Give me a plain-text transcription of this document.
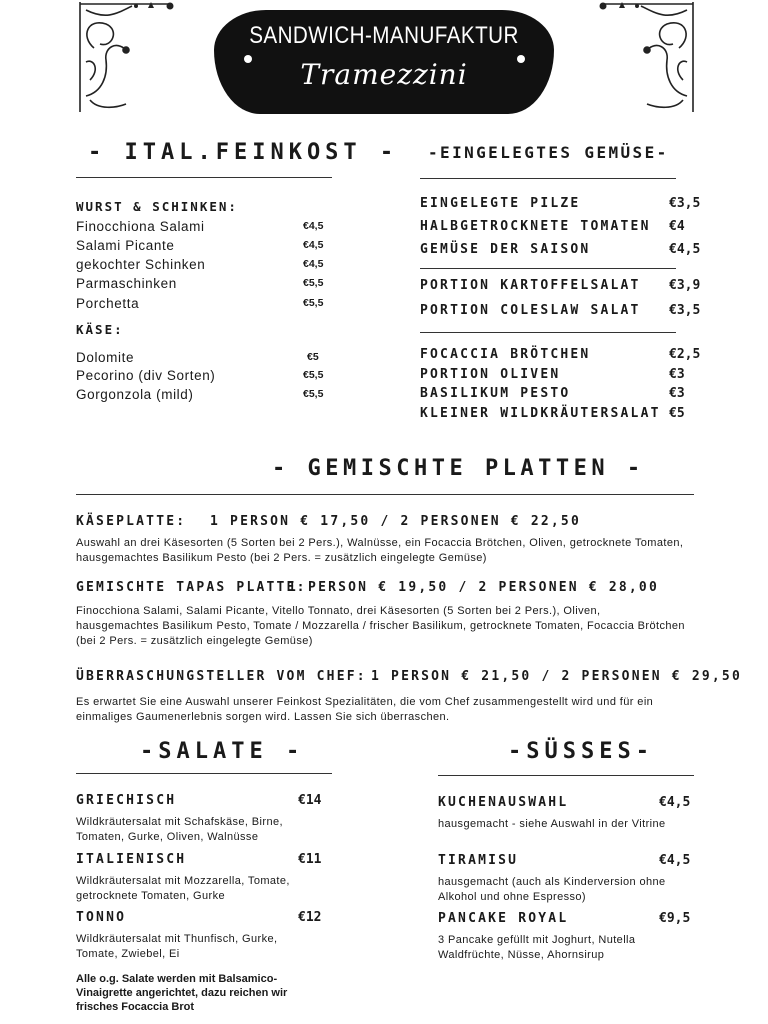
SANDWICH-MANUFAKTUR
Tramezzini
- ITAL.FEINKOST -
WURST & SCHINKEN:
Finocchiona Salami	€4,5
Salami Picante	€4,5
gekochter Schinken	€4,5
Parmaschinken	€5,5
Porchetta	€5,5
KÄSE:
Dolomite	€5
Pecorino (div Sorten)	€5,5
Gorgonzola (mild)	€5,5
-EINGELEGTES GEMÜSE-
EINGELEGTE PILZE	€3,5
HALBGETROCKNETE TOMATEN €4
GEMÜSE DER SAISON	€4,5
PORTION KARTOFFELSALAT €3,9
PORTION COLESLAW SALAT €3,5
FOCACCIA BRÖTCHEN	€2,5
PORTION OLIVEN	€3
BASILIKUM PESTO	€3
KLEINER WILDKRÄUTERSALAT €5
- GEMISCHTE PLATTEN -
KÄSEPLATTE: 1 PERSON € 17,50 / 2 PERSONEN € 22,50
Auswahl an drei Käsesorten (5 Sorten bei 2 Pers.), Walnüsse, ein Focaccia Brötchen, Oliven, getrocknete Tomaten, hausgemachtes Basilikum Pesto (bei 2 Pers. = zusätzlich eingelegte Gemüse)
GEMISCHTE TAPAS PLATTE:
1 PERSON € 19,50 / 2 PERSONEN € 28,00
Finocchiona Salami, Salami Picante, Vitello Tonnato, drei Käsesorten (5 Sorten bei 2 Pers.), Oliven, hausgemachtes Basilikum Pesto, Tomate / Mozzarella / frischer Basilikum, getrocknete Tomaten, Focaccia Brötchen (bei 2 Pers. = zusätzlich eingelegte Gemüse)
ÜBERRASCHUNGSTELLER VOM CHEF: 1 PERSON € 21,50 / 2 PERSONEN € 29,50
Es erwartet Sie eine Auswahl unserer Feinkost Spezialitäten, die vom Chef zusammengestellt wird und für ein einmaliges Gaumenerlebnis sorgen wird. Lassen Sie sich überraschen.
-SALATE -
GRIECHISCH	€14
Wildkräutersalat mit Schafskäse, Birne, Tomaten, Gurke, Oliven, Walnüsse
ITALIENISCH	€11
Wildkräutersalat mit Mozzarella, Tomate, getrocknete Tomaten, Gurke
TONNO	€12
Wildkräutersalat mit Thunfisch, Gurke, Tomate, Zwiebel, Ei
Alle o.g. Salate werden mit Balsamico-Vinaigrette angerichtet, dazu reichen wir frisches Focaccia Brot
-SÜSSES-
KUCHENAUSWAHL	€4,5
hausgemacht - siehe Auswahl in der Vitrine
TIRAMISU	€4,5
hausgemacht (auch als Kinderversion ohne Alkohol und ohne Espresso)
PANCAKE ROYAL	€9,5
3 Pancake gefüllt mit Joghurt, Nutella Waldfrüchte, Nüsse, Ahornsirup
